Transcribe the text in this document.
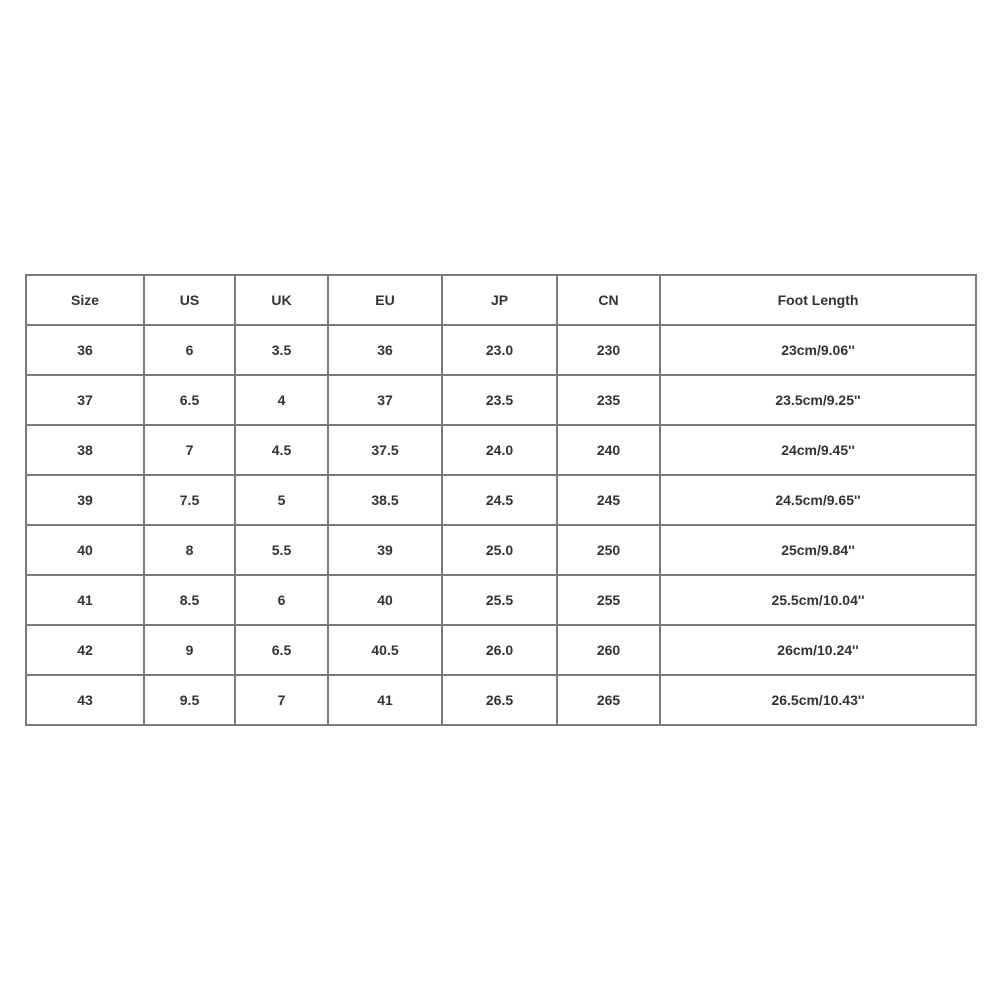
Size	US	UK	EU	JP	CN	Foot Length
36	6	3.5	36	23.0	230	23cm/9.06''
37	6.5	4	37	23.5	235	23.5cm/9.25''
38	7	4.5	37.5	24.0	240	24cm/9.45''
39	7.5	5	38.5	24.5	245	24.5cm/9.65''
40	8	5.5	39	25.0	250	25cm/9.84''
41	8.5	6	40	25.5	255	25.5cm/10.04''
42	9	6.5	40.5	26.0	260	26cm/10.24''
43	9.5	7	41	26.5	265	26.5cm/10.43''
